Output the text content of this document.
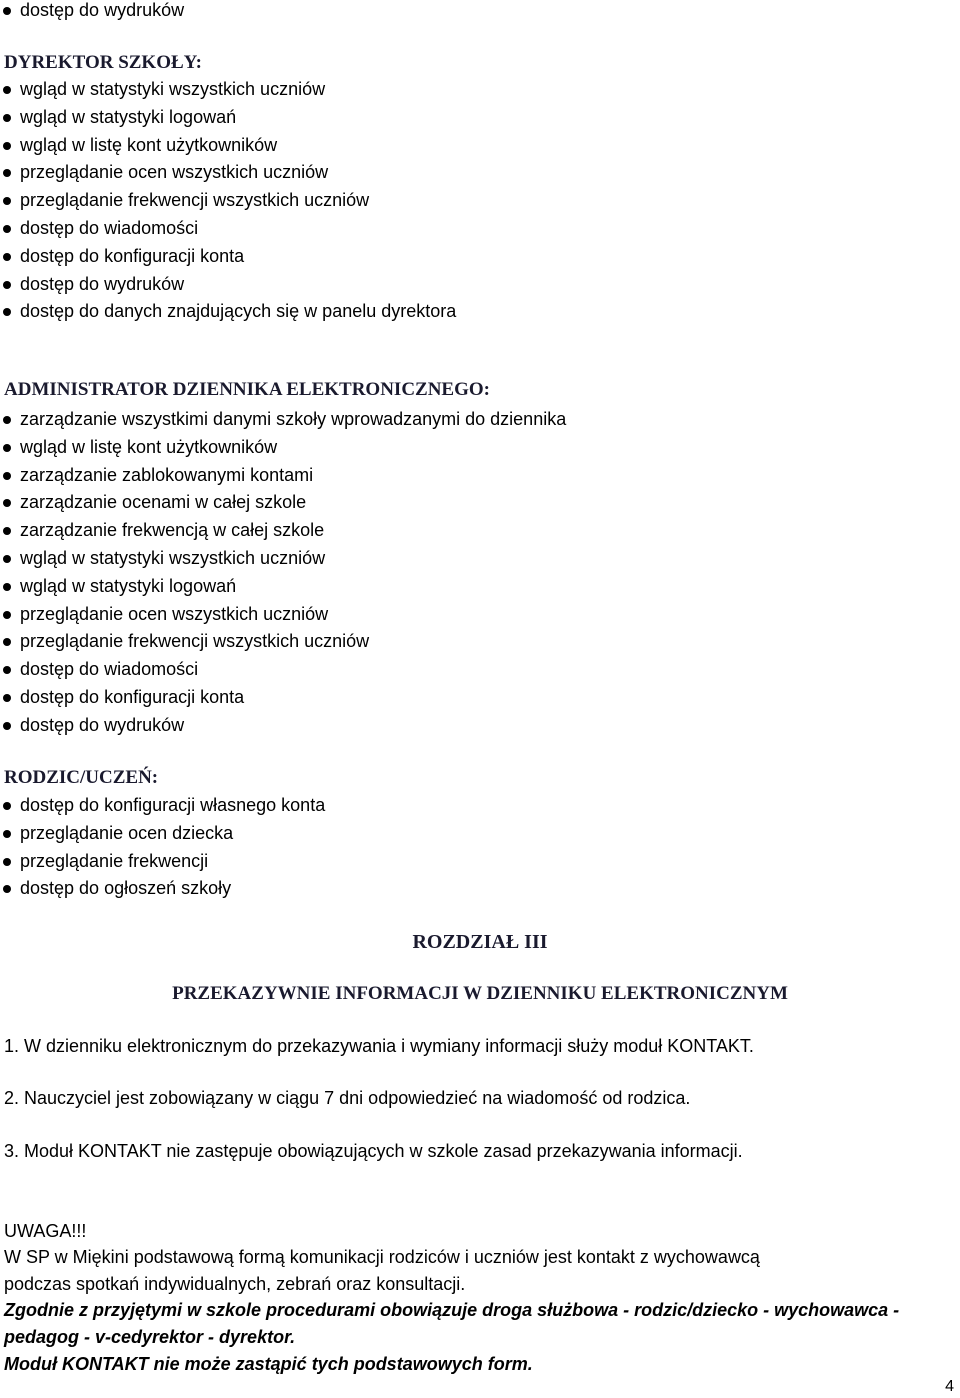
dostęp do wydruków
DYREKTOR SZKOŁY:
wgląd w statystyki wszystkich uczniów
wgląd w statystyki logowań
wgląd w listę kont użytkowników
przeglądanie ocen wszystkich uczniów
przeglądanie frekwencji wszystkich uczniów
dostęp do wiadomości
dostęp do konfiguracji konta
dostęp do wydruków
dostęp do danych znajdujących się w panelu dyrektora
ADMINISTRATOR DZIENNIKA ELEKTRONICZNEGO:
zarządzanie wszystkimi danymi szkoły wprowadzanymi do dziennika
wgląd w listę kont użytkowników
zarządzanie zablokowanymi kontami
zarządzanie ocenami w całej szkole
zarządzanie frekwencją w całej szkole
wgląd w statystyki wszystkich uczniów
wgląd w statystyki logowań
przeglądanie ocen wszystkich uczniów
przeglądanie frekwencji wszystkich uczniów
dostęp do wiadomości
dostęp do konfiguracji konta
dostęp do wydruków
RODZIC/UCZEŃ:
dostęp do konfiguracji własnego konta
przeglądanie ocen dziecka
przeglądanie frekwencji
dostęp do ogłoszeń szkoły
ROZDZIAŁ III
PRZEKAZYWNIE INFORMACJI W DZIENNIKU ELEKTRONICZNYM
1. W dzienniku elektronicznym do przekazywania i wymiany informacji służy moduł KONTAKT.
2. Nauczyciel jest zobowiązany w ciągu 7 dni odpowiedzieć na wiadomość od rodzica.
3. Moduł KONTAKT nie zastępuje obowiązujących w szkole zasad przekazywania informacji.
UWAGA!!!
W SP w Miękini podstawową formą komunikacji rodziców i uczniów jest kontakt z wychowawcą
podczas spotkań indywidualnych, zebrań oraz konsultacji.
Zgodnie z przyjętymi w szkole procedurami obowiązuje droga służbowa - rodzic/dziecko - wychowawca -
pedagog - v-cedyrektor - dyrektor.
Moduł KONTAKT nie może zastąpić tych podstawowych form.
4
